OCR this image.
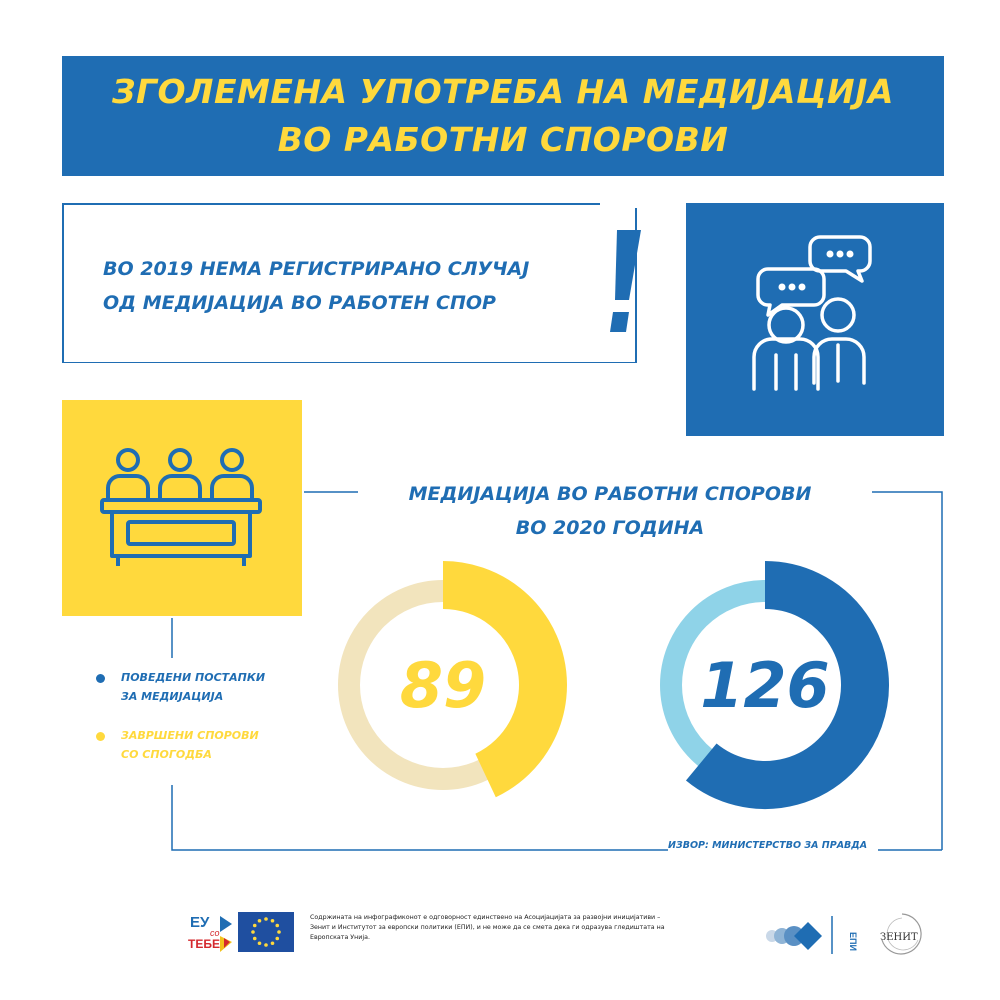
ЗГОЛЕМЕНА УПОТРЕБА НА МЕДИЈАЦИЈА
ВО РАБОТНИ СПОРОВИ
ВО 2019 НЕМА РЕГИСТРИРАНО СЛУЧАЈ
ОД МЕДИЈАЦИЈА ВО РАБОТЕН СПОР
МЕДИЈАЦИЈА ВО РАБОТНИ СПОРОВИ
ВО 2020 ГОДИНА
89	126
ПОВЕДЕНИ ПОСТАПКИ
ЗА МЕДИЈАЦИЈА
ЗАВРШЕНИ СПОРОВИ
СО СПОГОДБА
ИЗВОР: МИНИСТЕРСТВО ЗА ПРАВДА
ЕУ
со
ТЕБЕ
Содржината на инфографиконот е одговорност единствено на Асоцијацијата за развојни иницијативи – Зенит и Институтот за европски политики (ЕПИ), и не може да се смета дека ги одразува гледиштата на Европската Унија.	ЕПИ ЗЕНИТ
